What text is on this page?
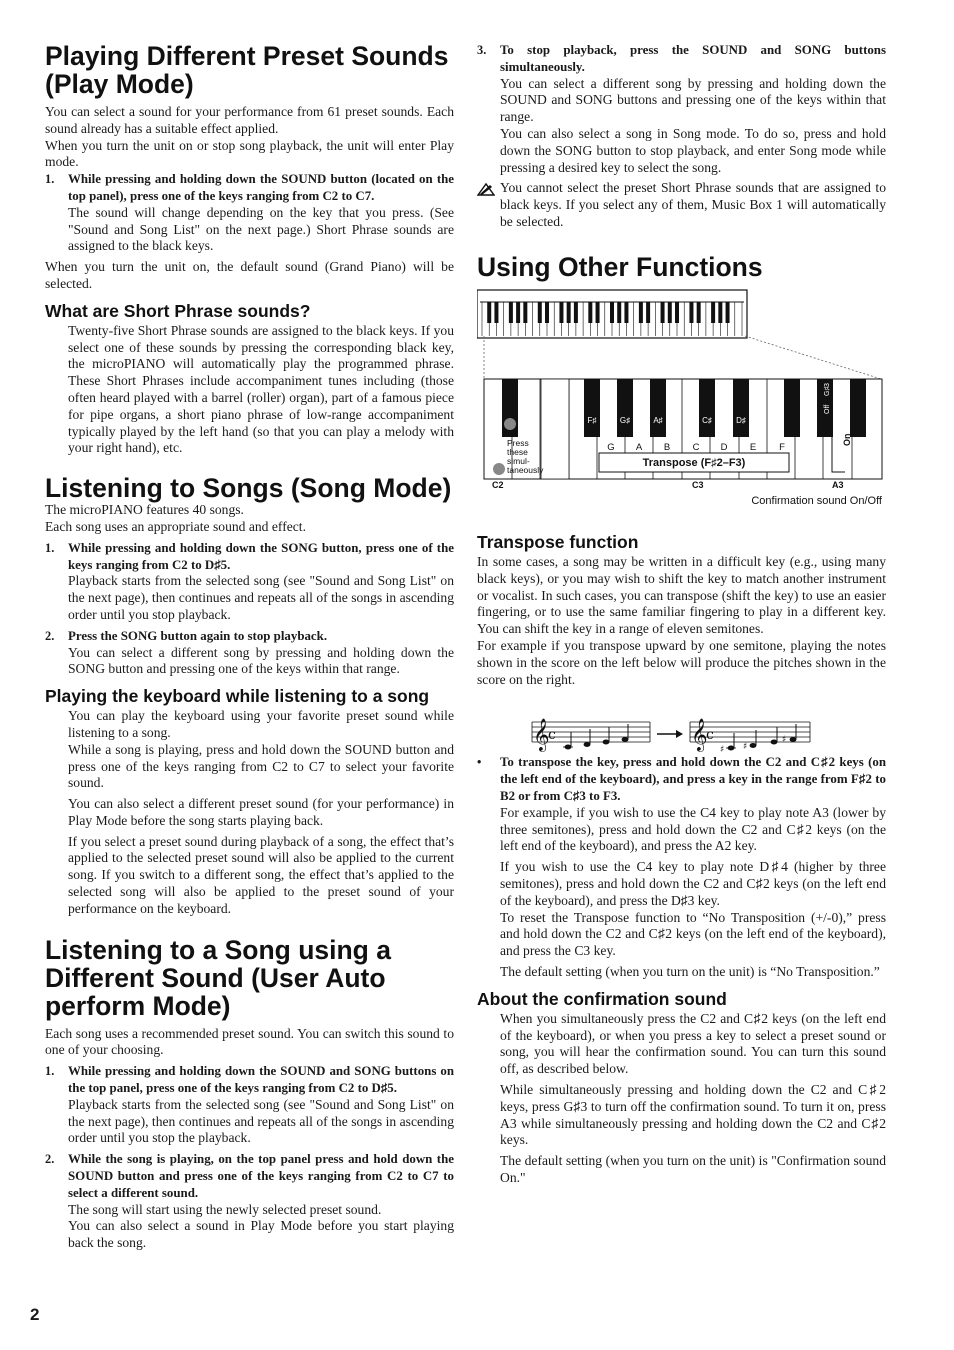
Playing Different Preset Sounds (Play Mode)

You can select a sound for your performance from 61 preset sounds. Each sound already has a suitable effect applied.

When you turn the unit on or stop song playback, the unit will enter Play mode.

1. While pressing and holding down the SOUND button (located on the top panel), press one of the keys ranging from C2 to C7.

The sound will change depending on the key that you press. (See "Sound and Song List" on the next page.) Short Phrase sounds are assigned to the black keys.

When you turn the unit on, the default sound (Grand Piano) will be selected.

What are Short Phrase sounds?

Twenty-five Short Phrase sounds are assigned to the black keys. If you select one of these sounds by pressing the corresponding black key, the microPIANO will automatically play the programmed phrase. These Short Phrases include accompaniment tunes including (those often heard played with a barrel (roller) organ), part of a famous piece for pipe organs, a short piano phrase of low-range accompaniment typically played by the left hand (so that you can play a melody with your right hand), etc.

Listening to Songs (Song Mode)

The microPIANO features 40 songs.

Each song uses an appropriate sound and effect.

1. While pressing and holding down the SONG button, press one of the keys ranging from C2 to D♯5.

Playback starts from the selected song (see "Sound and Song List" on the next page), then continues and repeats all of the songs in ascending order until you stop playback.

2. Press the SONG button again to stop playback.

You can select a different song by pressing and holding down the SONG button and pressing one of the keys within that range.

Playing the keyboard while listening to a song

You can play the keyboard using your favorite preset sound while listening to a song.

While a song is playing, press and hold down the SOUND button and press one of the keys ranging from C2 to C7 to select your favorite sound.

You can also select a different preset sound (for your performance) in Play Mode before the song starts playing back.

If you select a preset sound during playback of a song, the effect that’s applied to the selected preset sound will also be applied to the current song. If you switch to a different song, the effect that’s applied to the selected song will also be applied to the preset sound of your performance on the keyboard.

Listening to a Song using a Different Sound (User Auto perform Mode)

Each song uses a recommended preset sound. You can switch this sound to one of your choosing.

1. While pressing and holding down the SOUND and SONG buttons on the top panel, press one of the keys ranging from C2 to D♯5.

Playback starts from the selected song (see "Sound and Song List" on the next page), then continues and repeats all of the songs in ascending order until you stop the playback.

2. While the song is playing, on the top panel press and hold down the SOUND button and press one of the keys ranging from C2 to C7 to select a different sound.

The song will start using the newly selected preset sound.

You can also select a sound in Play Mode before you start playing back the song.

3. To stop playback, press the SOUND and SONG buttons simultaneously.

You can select a different song by pressing and holding down the SOUND and SONG buttons and pressing one of the keys within that range.

You can also select a song in Song mode. To do so, press and hold down the SONG button to stop playback, and enter Song mode while pressing a desired key to select the song.

You cannot select the preset Short Phrase sounds that are assigned to black keys. If you select any of them, Music Box 1 will automatically be selected.

Using Other Functions
F♯	G♯	A♯	C♯	D♯
G A B C D E F
Press these simul-taneously
Transpose (F♯2–F3)
C2	C3	A3
G♯3
Off
On
Confirmation sound On/Off
Transpose function

In some cases, a song may be written in a difficult key (e.g., using many black keys), or you may wish to shift the key to match another instrument or vocalist. In such cases, you can transpose (shift the key) to use an easier fingering, or to use the same familiar fingering to play in a different key. You can shift the key in a range of eleven semitones.

For example if you transpose upward by one semitone, playing the notes shown in the score on the left below will produce the pitches shown in the score on the right.

• To transpose the key, press and hold down the C2 and C♯2 keys (on the left end of the keyboard), and press a key in the range from F♯2 to B2 or from C♯3 to F3.

For example, if you wish to use the C4 key to play note A3 (lower by three semitones), press and hold down the C2 and C♯2 keys (on the left end of the keyboard), and press the A2 key.

If you wish to use the C4 key to play note D♯4 (higher by three semitones), press and hold down the C2 and C♯2 keys (on the left end of the keyboard), and press the D♯3 key.

To reset the Transpose function to “No Transposition (+/-0),” press and hold down the C2 and C♯2 keys (on the left end of the keyboard), and press the C3 key.

The default setting (when you turn on the unit) is “No Transposition.”

About the confirmation sound

When you simultaneously press the C2 and C♯2 keys (on the left end of the keyboard), or when you press a key to select a preset sound or song, you will hear the confirmation sound. You can turn this sound off, as described below.

While simultaneously pressing and holding down the C2 and C♯2 keys, press G♯3 to turn off the confirmation sound. To turn it on, press A3 while simultaneously pressing and holding down the C2 and C♯2 keys.

The default setting (when you turn on the unit) is "Confirmation sound On."

𝄞
c	𝄞
c
♯ ♯
♯
2
